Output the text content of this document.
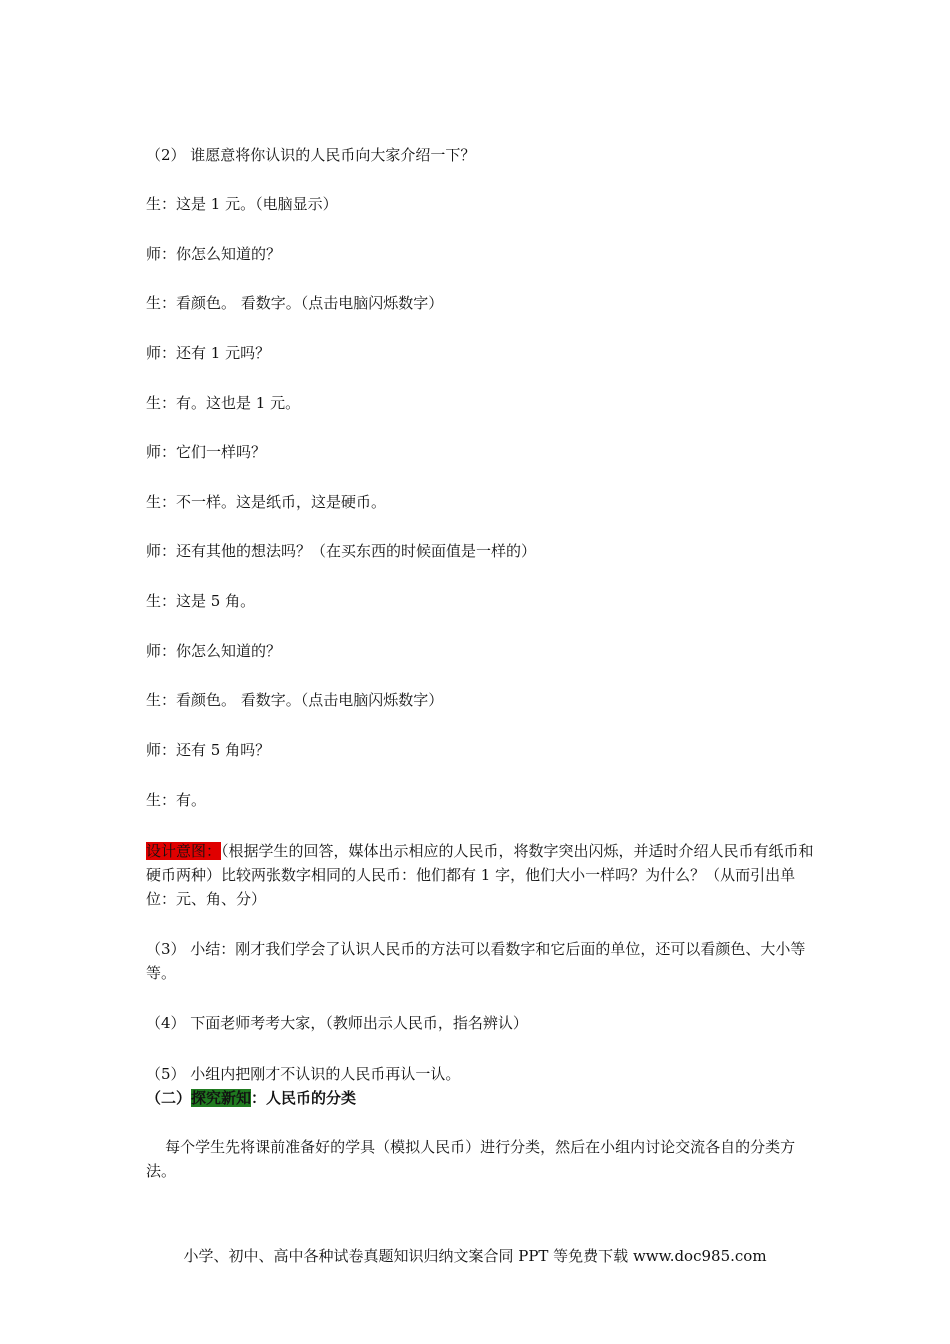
（2） 谁愿意将你认识的人民币向大家介绍一下？
生：这是 1 元。（电脑显示）
师：你怎么知道的？
生：看颜色。 看数字。（点击电脑闪烁数字）
师：还有 1 元吗？
生：有。这也是 1 元。
师：它们一样吗？
生：不一样。这是纸币，这是硬币。
师：还有其他的想法吗？（在买东西的时候面值是一样的）
生：这是 5 角。
师：你怎么知道的？
生：看颜色。 看数字。（点击电脑闪烁数字）
师：还有 5 角吗？
生：有。
设计意图：（根据学生的回答，媒体出示相应的人民币，将数字突出闪烁，并适时介绍人民币有纸币和硬币两种）比较两张数字相同的人民币：他们都有 1 字，他们大小一样吗？为什么？（从而引出单位：元、角、分）
（3） 小结：刚才我们学会了认识人民币的方法可以看数字和它后面的单位，还可以看颜色、大小等等。
（4） 下面老师考考大家，（教师出示人民币，指名辨认）
（5） 小组内把刚才不认识的人民币再认一认。
（二）探究新知：人民币的分类
每个学生先将课前准备好的学具（模拟人民币）进行分类，然后在小组内讨论交流各自的分类方法。
小学、初中、高中各种试卷真题知识归纳文案合同 PPT 等免费下载 www.doc985.com
